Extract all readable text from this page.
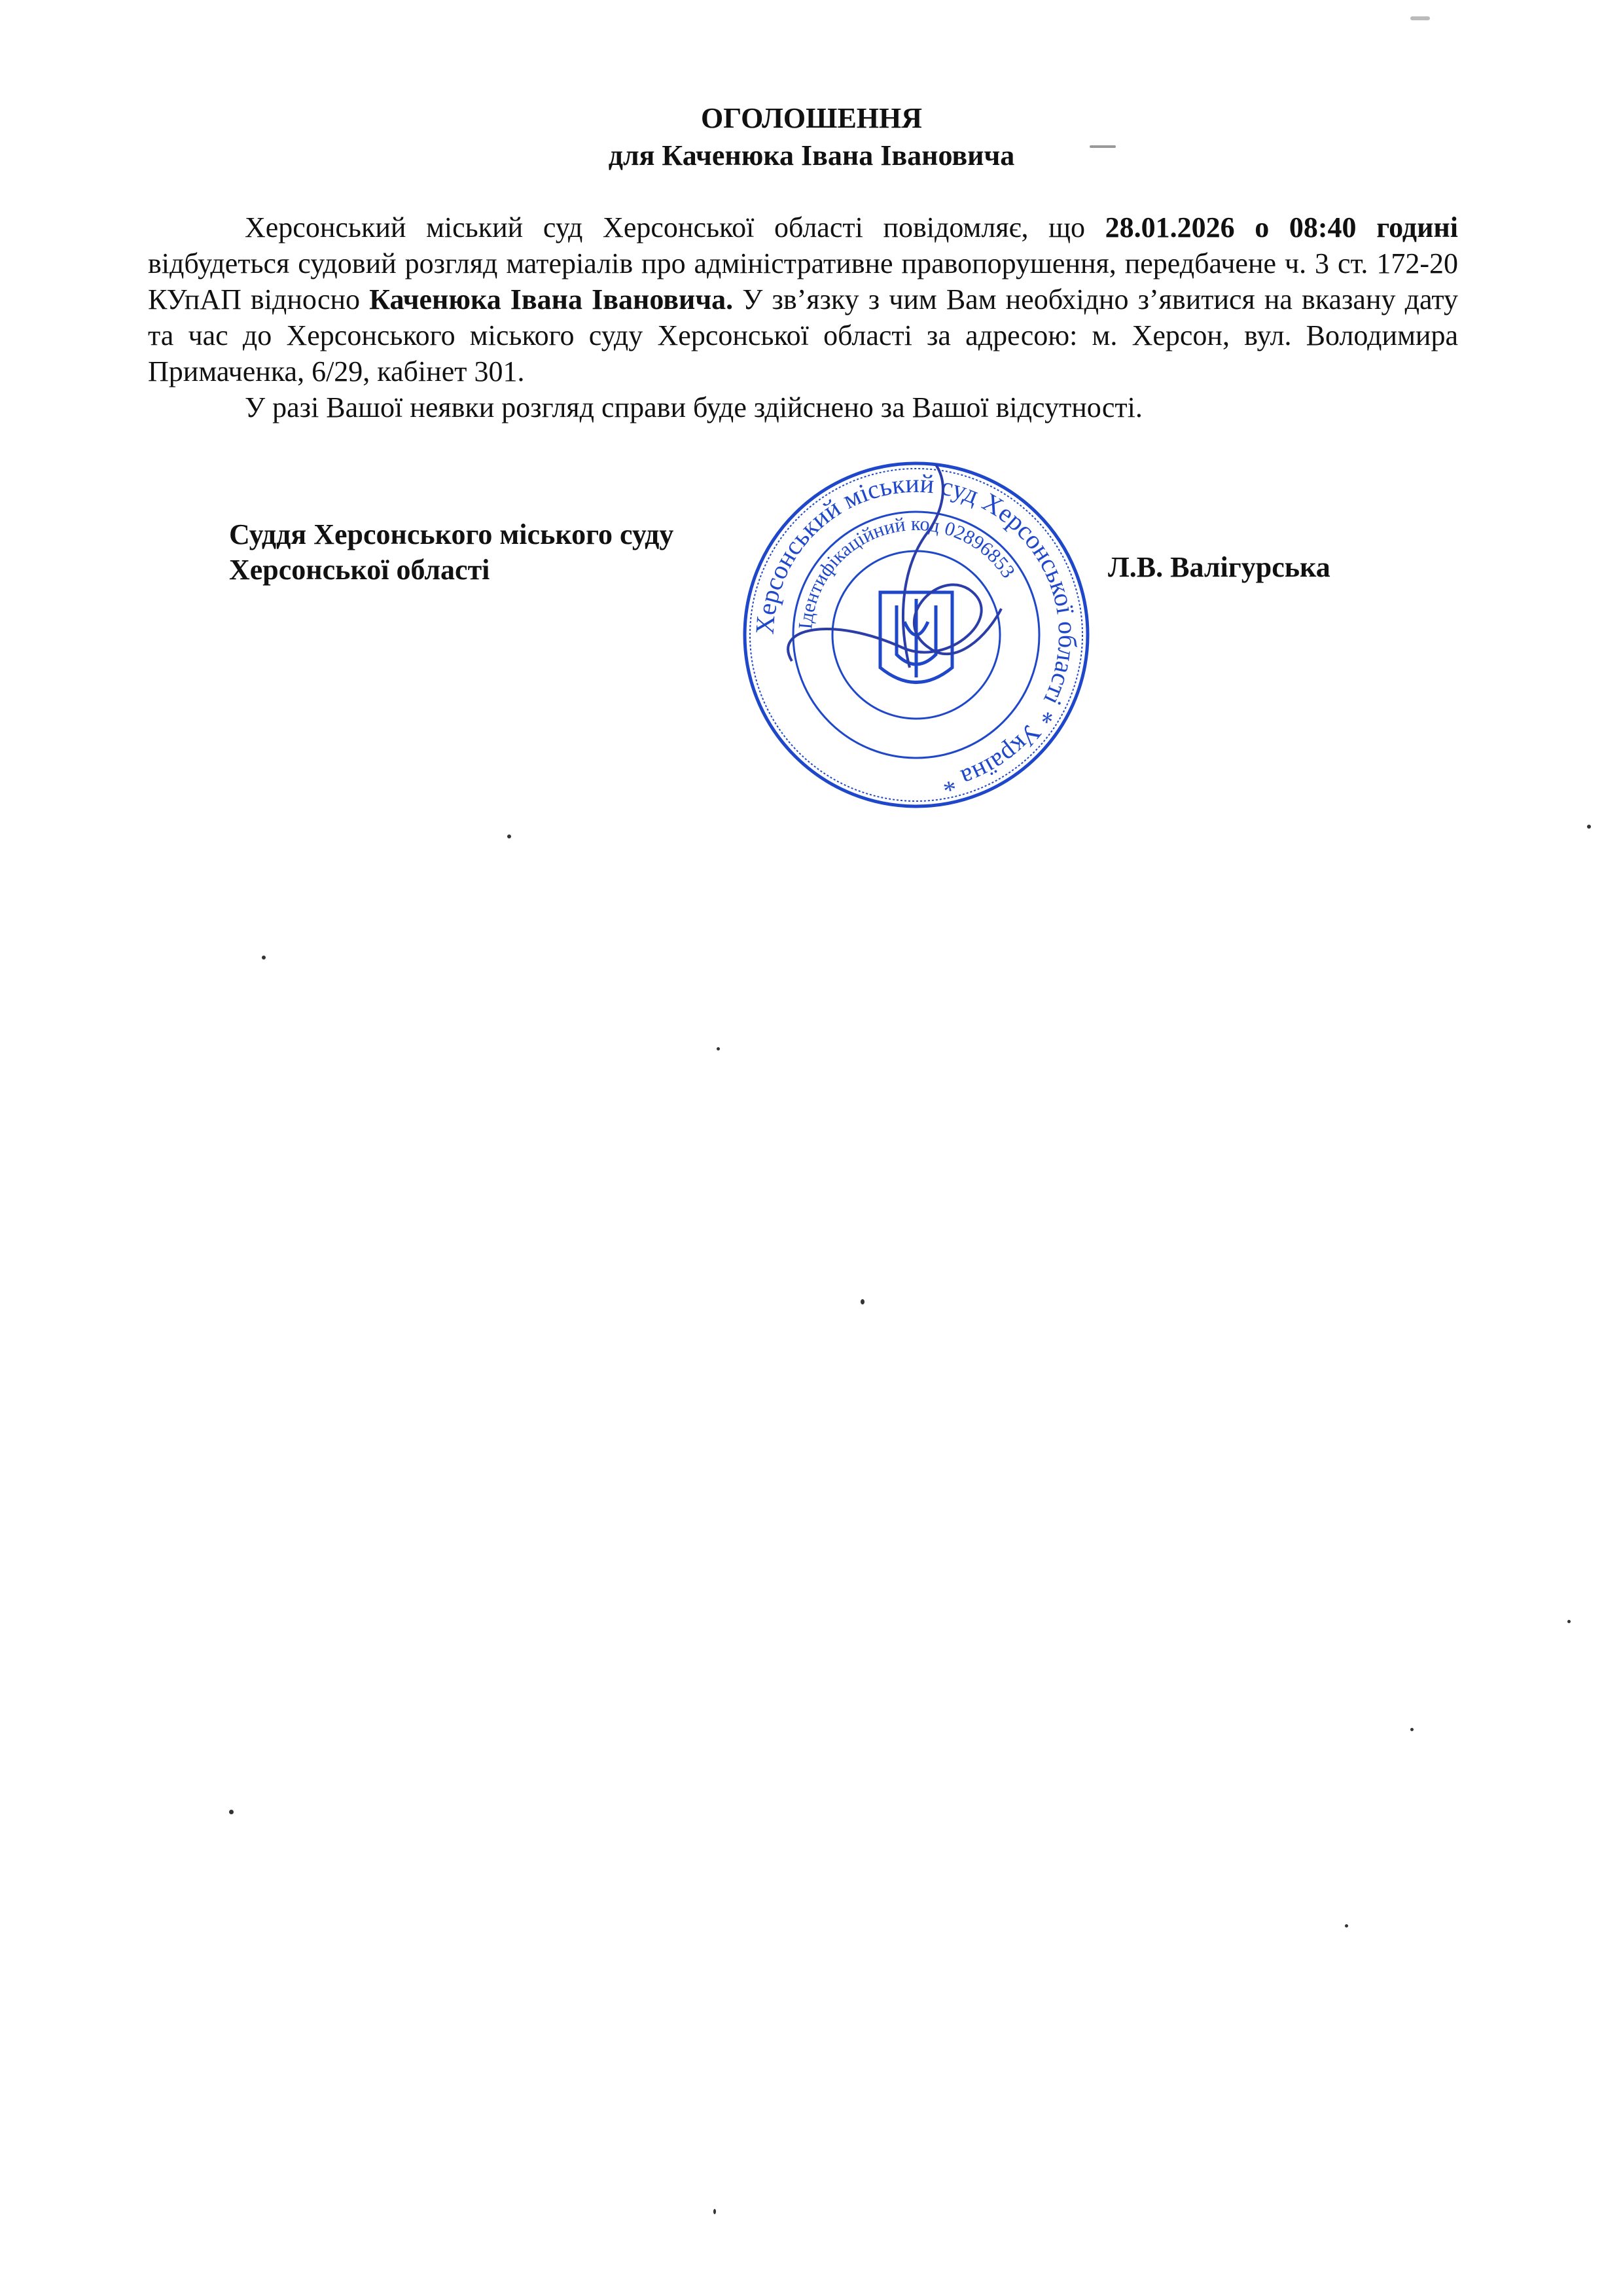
ОГОЛОШЕННЯ
для Каченюка Івана Івановича

Херсонський міський суд Херсонської області повідомляє, що 28.01.2026 о 08:40 годині відбудеться судовий розгляд матеріалів про адміністративне правопорушення, передбачене ч. 3 ст. 172-20 КУпАП відносно Каченюка Івана Івановича. У зв’язку з чим Вам необхідно з’явитися на вказану дату та час до Херсонського міського суду Херсонської області за адресою: м. Херсон, вул. Володимира Примаченка, 6/29, кабінет 301.

У разі Вашої неявки розгляд справи буде здійснено за Вашої відсутності.

Суддя Херсонського міського суду
Херсонської області	Л.В. Валігурська
Херсонський міський суд Херсонської області * Україна *
Ідентифікаційний код 02896853
